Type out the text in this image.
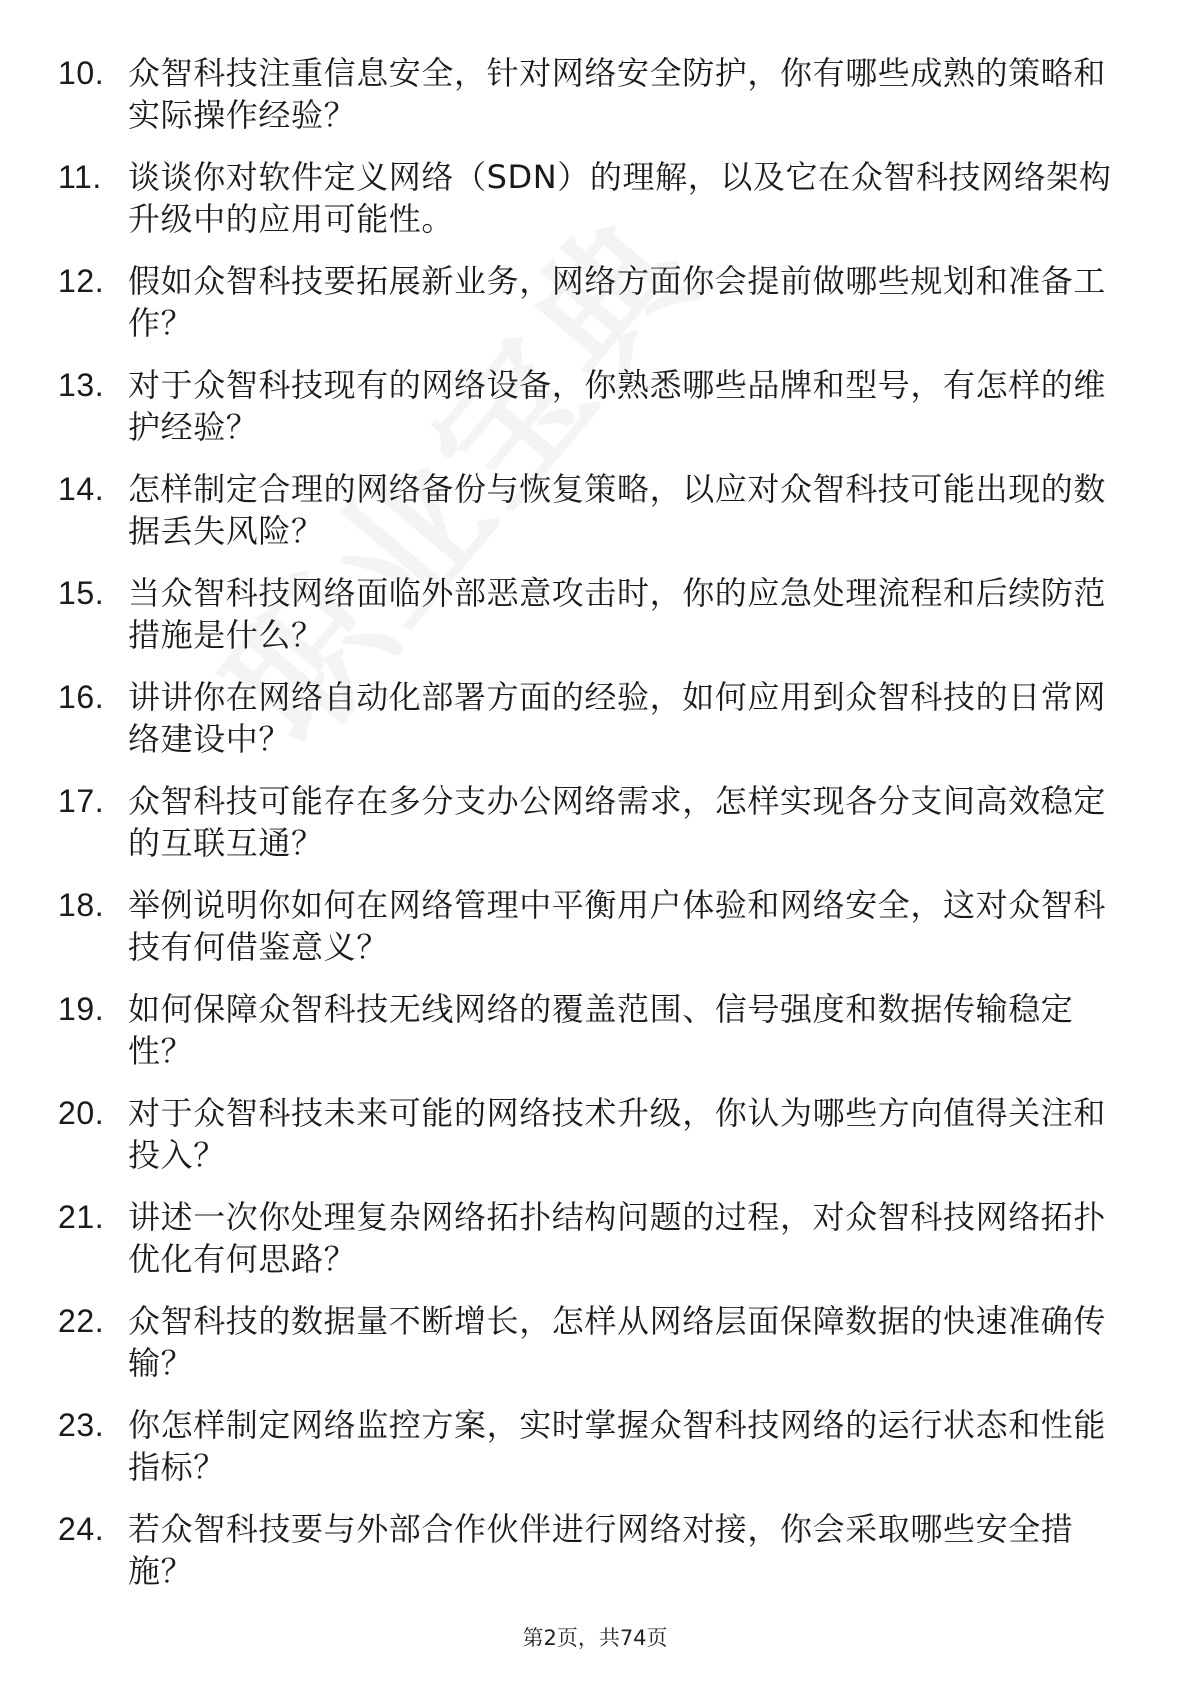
10. 众智科技注重信息安全，针对网络安全防护，你有哪些成熟的策略和实际操作经验？
11. 谈谈你对软件定义网络（SDN）的理解，以及它在众智科技网络架构升级中的应用可能性。
12. 假如众智科技要拓展新业务，网络方面你会提前做哪些规划和准备工作？
13. 对于众智科技现有的网络设备，你熟悉哪些品牌和型号，有怎样的维护经验？
14. 怎样制定合理的网络备份与恢复策略，以应对众智科技可能出现的数据丢失风险？
15. 当众智科技网络面临外部恶意攻击时，你的应急处理流程和后续防范措施是什么？
16. 讲讲你在网络自动化部署方面的经验，如何应用到众智科技的日常网络建设中？
17. 众智科技可能存在多分支办公网络需求，怎样实现各分支间高效稳定的互联互通？
18. 举例说明你如何在网络管理中平衡用户体验和网络安全，这对众智科技有何借鉴意义？
19. 如何保障众智科技无线网络的覆盖范围、信号强度和数据传输稳定性？
20. 对于众智科技未来可能的网络技术升级，你认为哪些方向值得关注和投入？
21. 讲述一次你处理复杂网络拓扑结构问题的过程，对众智科技网络拓扑优化有何思路？
22. 众智科技的数据量不断增长，怎样从网络层面保障数据的快速准确传输？
23. 你怎样制定网络监控方案，实时掌握众智科技网络的运行状态和性能指标？
24. 若众智科技要与外部合作伙伴进行网络对接，你会采取哪些安全措施？
第2页，共74页
